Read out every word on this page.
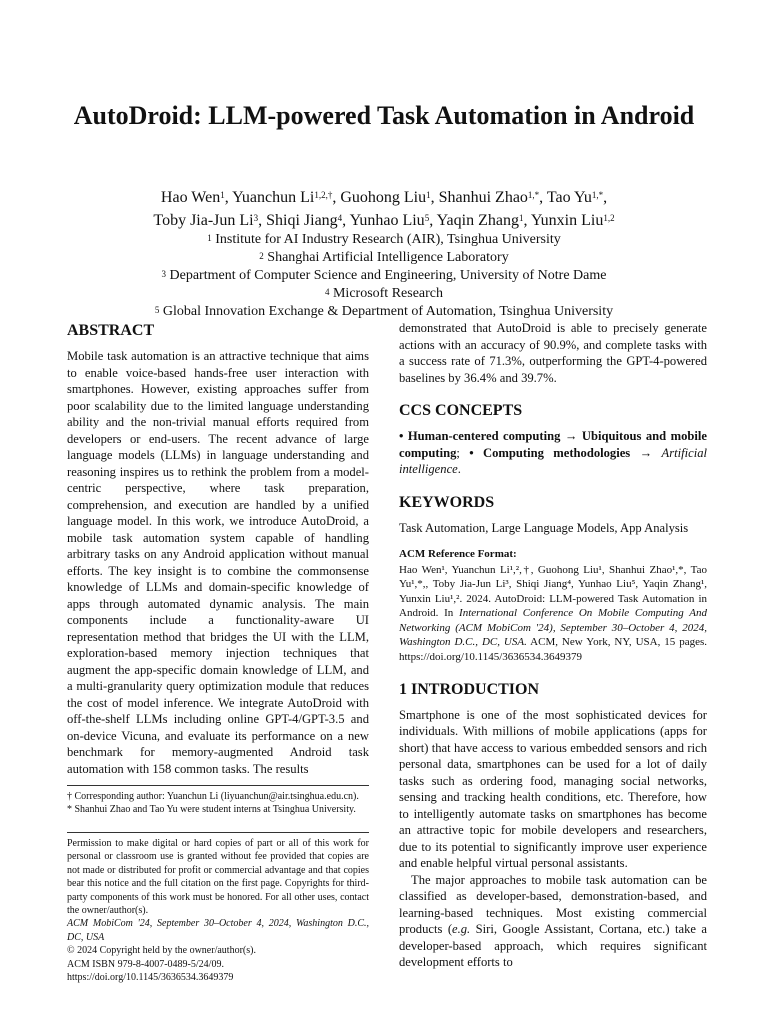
AutoDroid: LLM-powered Task Automation in Android
Hao Wen$^1$, Yuanchun $Li^{1,2,\dagger}$, Guohong Liu$^1$, Shanhui Zhao$^{1,*}$, Tao $Yu^{1,*}$,
Toby Jia-Jun Li$^3$, Shiqi Jiang$^4$, Yunhao Liu$^5$, Yaqin Zhang$^1$, Yunxin Liu$^{1,2}$
$^1$ Institute for AI Industry Research (AIR), Tsinghua University
$^2$ Shanghai Artificial Intelligence Laboratory
$^3$ Department of Computer Science and Engineering, University of Notre Dame
$^4$ Microsoft Research
$^5$ Global Innovation Exchange & Department of Automation, Tsinghua University
ABSTRACT

Mobile task automation is an attractive technique that aims to enable voice-based hands-free user interaction with smartphones. However, existing approaches suffer from poor scalability due to the limited language understanding ability and the non-trivial manual efforts required from developers or end-users. The recent advance of large language models (LLMs) in language understanding and reasoning inspires us to rethink the problem from a model-centric perspective, where task preparation, comprehension, and execution are handled by a unified language model. In this work, we introduce AutoDroid, a mobile task automation system capable of handling arbitrary tasks on any Android application without manual efforts. The key insight is to combine the commonsense knowledge of LLMs and domain-specific knowledge of apps through automated dynamic analysis. The main components include a functionality-aware UI representation method that bridges the UI with the LLM, exploration-based memory injection techniques that augment the app-specific domain knowledge of LLM, and a multi-granularity query optimization module that reduces the cost of model inference. We integrate AutoDroid with off-the-shelf LLMs including online GPT-4/GPT-3.5 and on-device Vicuna, and evaluate its performance on a new benchmark for memory-augmented Android task automation with 158 common tasks. The results

† Corresponding author: Yuanchun Li (liyuanchun@air.tsinghua.edu.cn).
* Shanhui Zhao and Tao Yu were student interns at Tsinghua University.
Permission to make digital or hard copies of part or all of this work for personal or classroom use is granted without fee provided that copies are not made or distributed for profit or commercial advantage and that copies bear this notice and the full citation on the first page. Copyrights for third-party components of this work must be honored. For all other uses, contact the owner/author(s).
ACM MobiCom '24, September 30–October 4, 2024, Washington D.C., DC, USA
© 2024 Copyright held by the owner/author(s).
ACM ISBN 979-8-4007-0489-5/24/09.
https://doi.org/10.1145/3636534.3649379

demonstrated that AutoDroid is able to precisely generate actions with an accuracy of 90.9%, and complete tasks with a success rate of 71.3%, outperforming the GPT-4-powered baselines by 36.4% and 39.7%.

CCS CONCEPTS

• Human-centered computing → Ubiquitous and mobile computing; • Computing methodologies → Artificial intelligence.

KEYWORDS

Task Automation, Large Language Models, App Analysis

ACM Reference Format:

Hao Wen¹, Yuanchun Li¹,²,†, Guohong Liu¹, Shanhui Zhao¹,*, Tao Yu¹,*,, Toby Jia-Jun Li³, Shiqi Jiang⁴, Yunhao Liu⁵, Yaqin Zhang¹, Yunxin Liu¹,². 2024. AutoDroid: LLM-powered Task Automation in Android. In International Conference On Mobile Computing And Networking (ACM MobiCom '24), September 30–October 4, 2024, Washington D.C., DC, USA. ACM, New York, NY, USA, 15 pages. https://doi.org/10.1145/3636534.3649379

1 INTRODUCTION

Smartphone is one of the most sophisticated devices for individuals. With millions of mobile applications (apps for short) that have access to various embedded sensors and rich personal data, smartphones can be used for a lot of daily tasks such as ordering food, managing social networks, sensing and tracking health conditions, etc. Therefore, how to intelligently automate tasks on smartphones has become an attractive topic for mobile developers and researchers, due to its potential to significantly improve user experience and enable helpful virtual personal assistants.

The major approaches to mobile task automation can be classified as developer-based, demonstration-based, and learning-based techniques. Most existing commercial products (e.g. Siri, Google Assistant, Cortana, etc.) take a developer-based approach, which requires significant development efforts to
